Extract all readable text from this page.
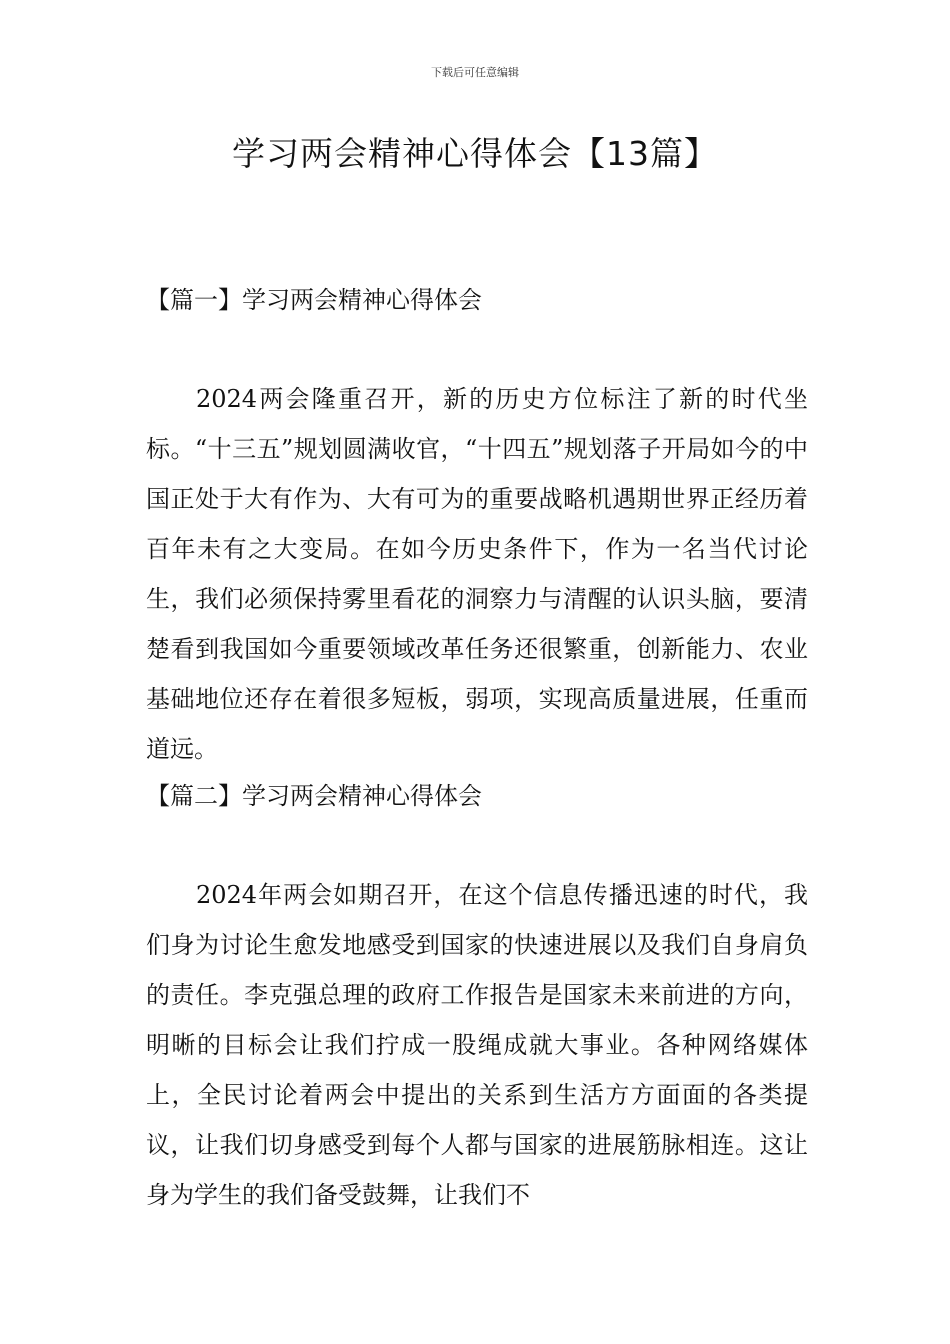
下载后可任意编辑
学习两会精神心得体会【13篇】
【篇一】学习两会精神心得体会

2024两会隆重召开，新的历史方位标注了新的时代坐标。“十三五”规划圆满收官，“十四五”规划落子开局如今的中国正处于大有作为、大有可为的重要战略机遇期世界正经历着百年未有之大变局。在如今历史条件下，作为一名当代讨论生，我们必须保持雾里看花的洞察力与清醒的认识头脑，要清楚看到我国如今重要领域改革任务还很繁重，创新能力、农业基础地位还存在着很多短板，弱项，实现高质量进展，任重而道远。

【篇二】学习两会精神心得体会

2024年两会如期召开，在这个信息传播迅速的时代，我们身为讨论生愈发地感受到国家的快速进展以及我们自身肩负的责任。李克强总理的政府工作报告是国家未来前进的方向，明晰的目标会让我们拧成一股绳成就大事业。各种网络媒体上，全民讨论着两会中提出的关系到生活方方面面的各类提议，让我们切身感受到每个人都与国家的进展筋脉相连。这让身为学生的我们备受鼓舞，让我们不
